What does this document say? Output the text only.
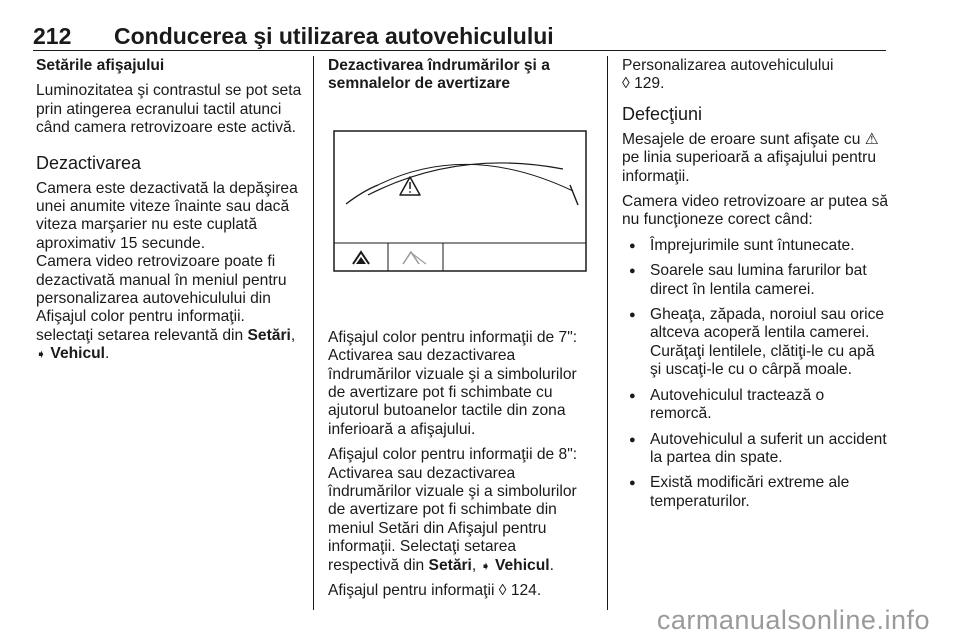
212 Conducerea şi utilizarea autovehiculului

Setările afişajului

Luminozitatea şi contrastul se pot seta prin atingerea ecranului tactil atunci când camera retrovizoare este activă.

Dezactivarea

Camera este dezactivată la depăşirea unei anumite viteze înainte sau dacă viteza marşarier nu este cuplată aproximativ 15 secunde.

Camera video retrovizoare poate fi dezactivată manual în meniul pentru personalizarea autovehiculului din Afişajul color pentru informaţii. selectaţi setarea relevantă din Setări,
➧ Vehicul.

Dezactivarea îndrumărilor şi a semnalelor de avertizare

Afişajul color pentru informaţii de 7": Activarea sau dezactivarea îndrumărilor vizuale şi a simbolurilor de avertizare pot fi schimbate cu ajutorul butoanelor tactile din zona inferioară a afişajului.

Afişajul color pentru informaţii de 8": Activarea sau dezactivarea îndrumărilor vizuale şi a simbolurilor de avertizare pot fi schimbate din meniul Setări din Afişajul pentru informaţii. Selectaţi setarea respectivă din Setări, ➧ Vehicul.

Afişajul pentru informaţii ◊ 124.

Personalizarea autovehiculului
◊ 129.

Defecţiuni

Mesajele de eroare sunt afişate cu ⚠ pe linia superioară a afişajului pentru informaţii.

Camera video retrovizoare ar putea să nu funcţioneze corect când:

● Împrejurimile sunt întunecate.
● Soarele sau lumina farurilor bat direct în lentila camerei.
● Gheaţa, zăpada, noroiul sau orice altceva acoperă lentila camerei. Curăţaţi lentilele, clătiţi-le cu apă şi uscaţi-le cu o cârpă moale.
● Autovehiculul tractează o remorcă.
● Autovehiculul a suferit un accident la partea din spate.
● Există modificări extreme ale temperaturilor.
carmanualsonline.info
